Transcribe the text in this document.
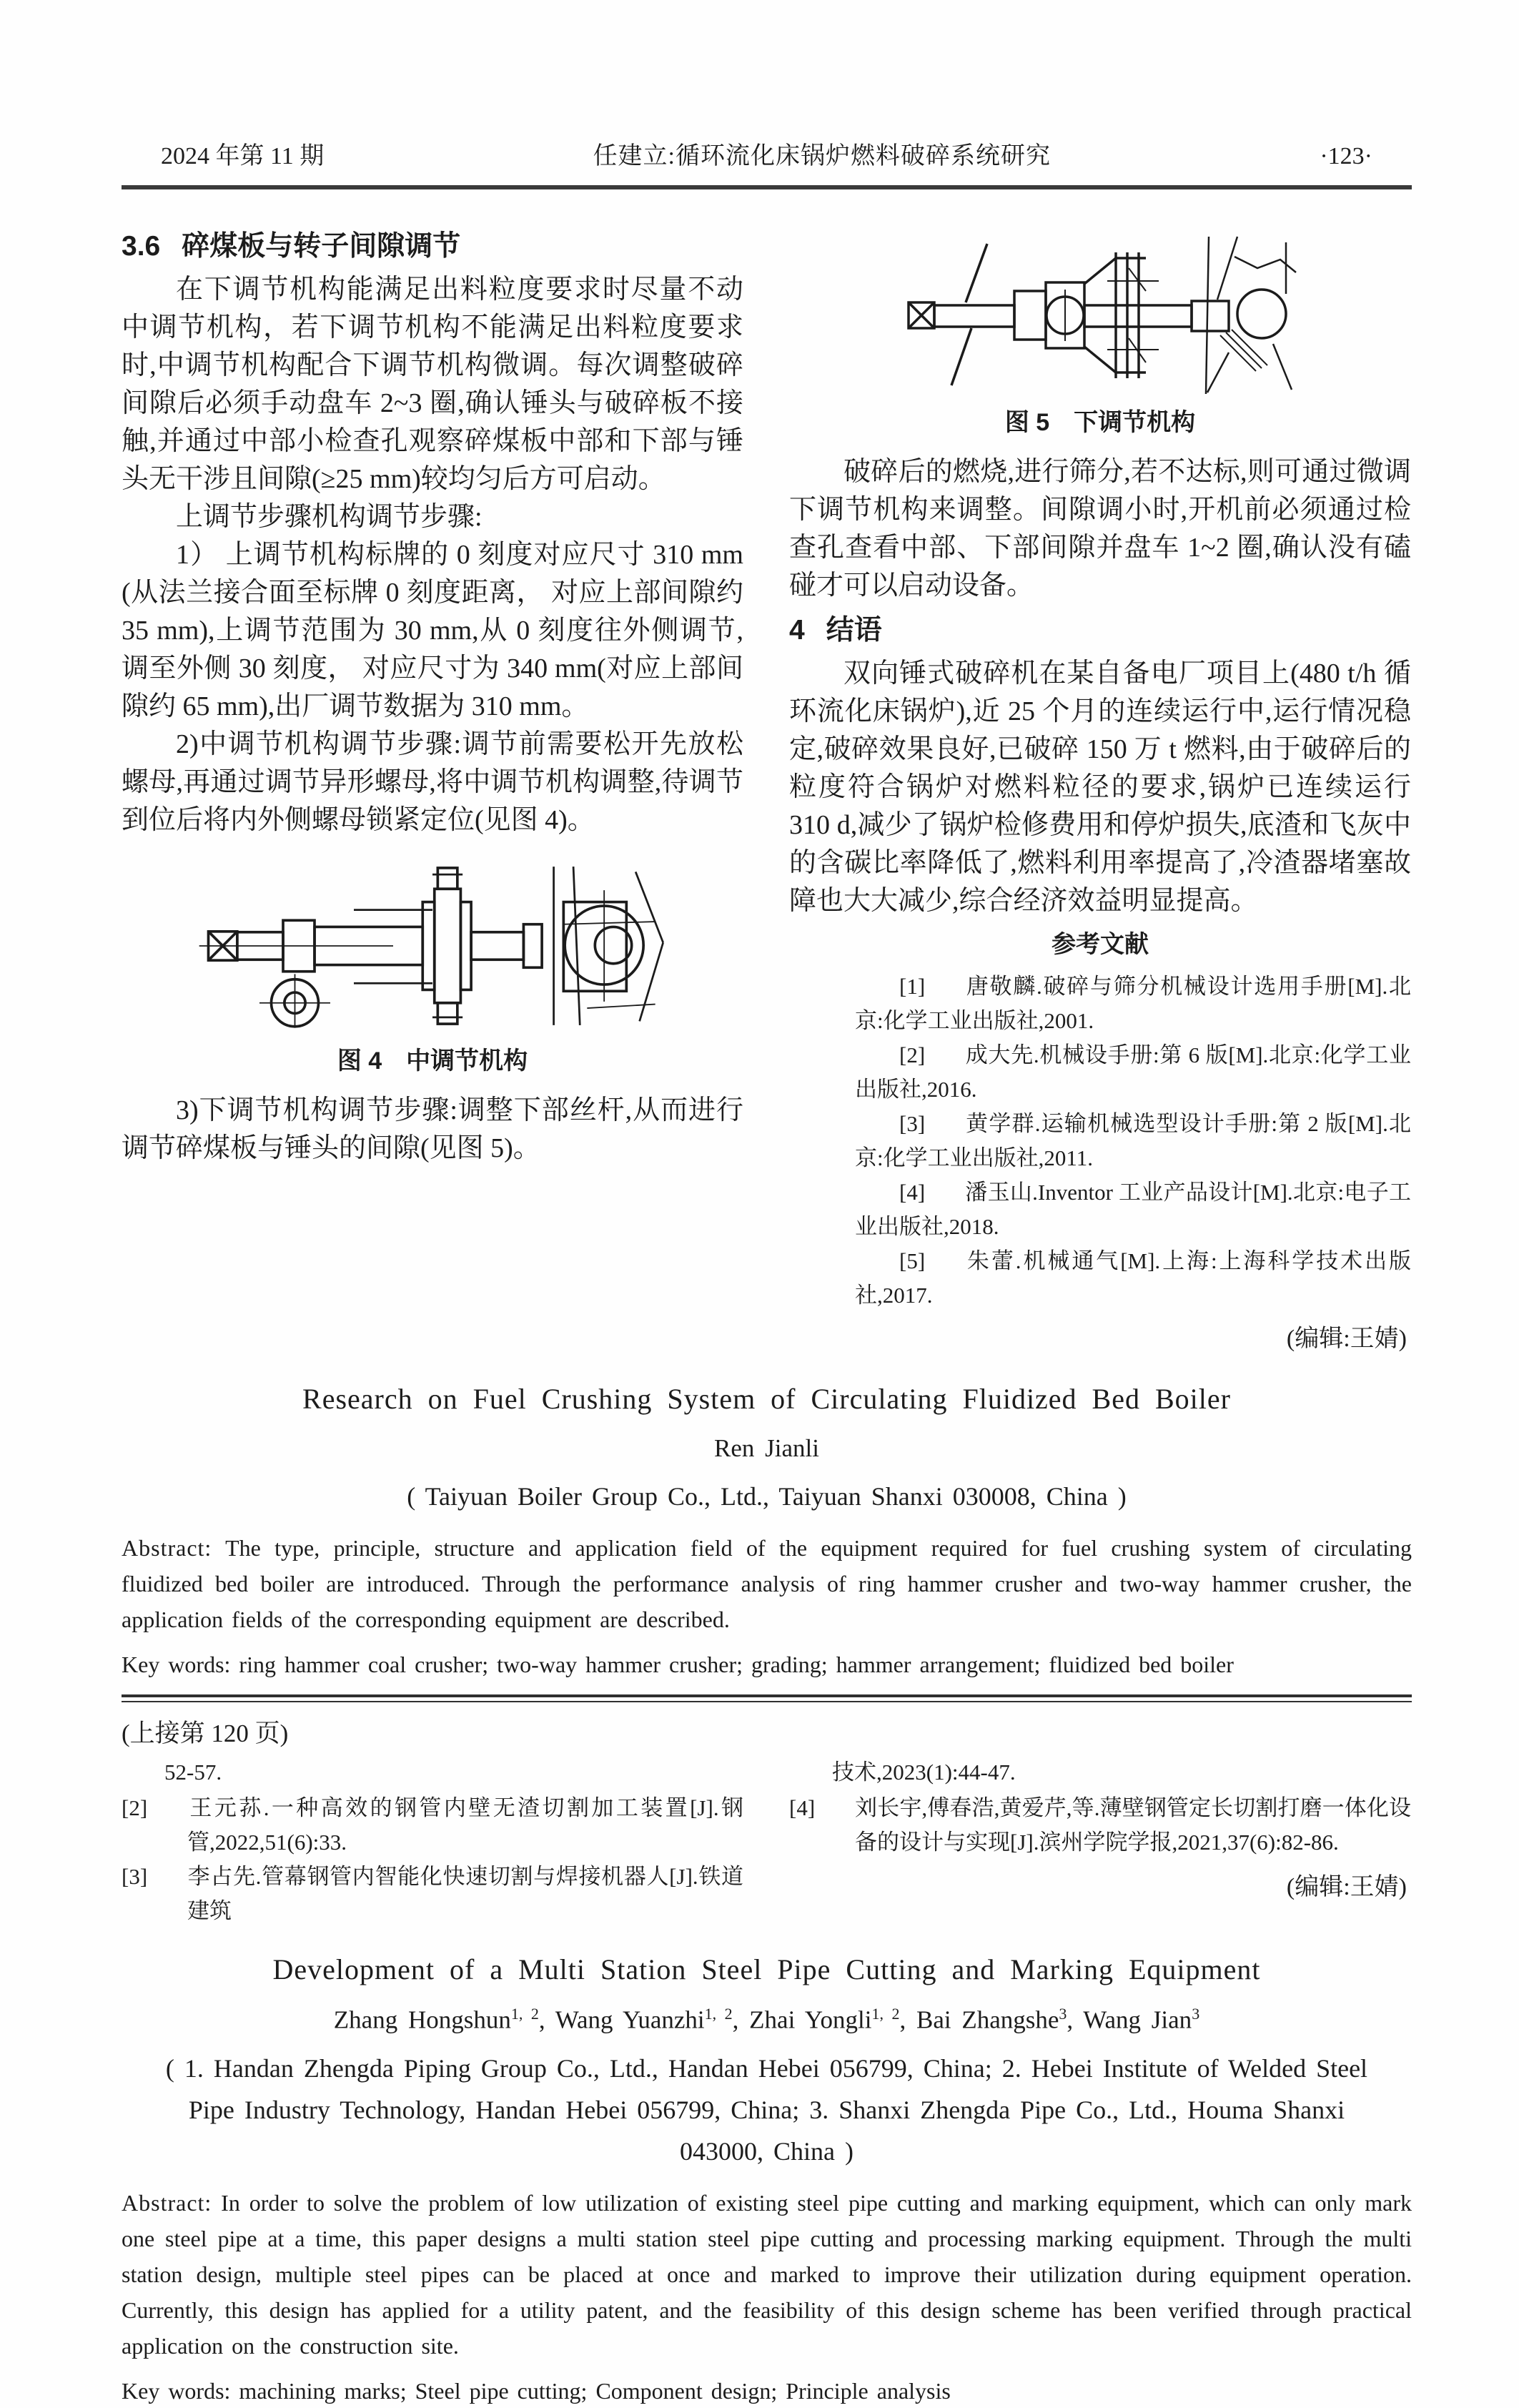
2024 年第 11 期	任建立:循环流化床锅炉燃料破碎系统研究	·123·
3.6 碎煤板与转子间隙调节

在下调节机构能满足出料粒度要求时尽量不动中调节机构，若下调节机构不能满足出料粒度要求时,中调节机构配合下调节机构微调。每次调整破碎间隙后必须手动盘车 2~3 圈,确认锤头与破碎板不接触,并通过中部小检查孔观察碎煤板中部和下部与锤头无干涉且间隙(≥25 mm)较均匀后方可启动。

上调节步骤机构调节步骤:

1） 上调节机构标牌的 0 刻度对应尺寸 310 mm (从法兰接合面至标牌 0 刻度距离， 对应上部间隙约 35 mm),上调节范围为 30 mm,从 0 刻度往外侧调节,调至外侧 30 刻度， 对应尺寸为 340 mm(对应上部间隙约 65 mm),出厂调节数据为 310 mm。

2)中调节机构调节步骤:调节前需要松开先放松螺母,再通过调节异形螺母,将中调节机构调整,待调节到位后将内外侧螺母锁紧定位(见图 4)。

图 4　中调节机构

3)下调节机构调节步骤:调整下部丝杆,从而进行调节碎煤板与锤头的间隙(见图 5)。

图 5　下调节机构

破碎后的燃烧,进行筛分,若不达标,则可通过微调下调节机构来调整。间隙调小时,开机前必须通过检查孔查看中部、下部间隙并盘车 1~2 圈,确认没有磕碰才可以启动设备。

4 结语

双向锤式破碎机在某自备电厂项目上(480 t/h 循环流化床锅炉),近 25 个月的连续运行中,运行情况稳定,破碎效果良好,已破碎 150 万 t 燃料,由于破碎后的粒度符合锅炉对燃料粒径的要求,锅炉已连续运行 310 d,减少了锅炉检修费用和停炉损失,底渣和飞灰中的含碳比率降低了,燃料利用率提高了,冷渣器堵塞故障也大大减少,综合经济效益明显提高。

参考文献

[1] 唐敬麟.破碎与筛分机械设计选用手册[M].北京:化学工业出版社,2001.

[2] 成大先.机械设手册:第 6 版[M].北京:化学工业出版社,2016.

[3] 黄学群.运输机械选型设计手册:第 2 版[M].北京:化学工业出版社,2011.

[4] 潘玉山.Inventor 工业产品设计[M].北京:电子工业出版社,2018.

[5] 朱蕾.机械通气[M].上海:上海科学技术出版社,2017.

(编辑:王婧)
Research on Fuel Crushing System of Circulating Fluidized Bed Boiler
Ren Jianli
( Taiyuan Boiler Group Co., Ltd., Taiyuan Shanxi 030008, China )

Abstract: The type, principle, structure and application field of the equipment required for fuel crushing system of circulating fluidized bed boiler are introduced. Through the performance analysis of ring hammer crusher and two-way hammer crusher, the application fields of the corresponding equipment are described.

Key words: ring hammer coal crusher; two-way hammer crusher; grading; hammer arrangement; fluidized bed boiler

(上接第 120 页)
52-57.

[2] 王元荪.一种高效的钢管内壁无渣切割加工装置[J].钢管,2022,51(6):33.

[3] 李占先.管幕钢管内智能化快速切割与焊接机器人[J].铁道建筑

技术,2023(1):44-47.

[4] 刘长宇,傅春浩,黄爱芹,等.薄壁钢管定长切割打磨一体化设备的设计与实现[J].滨州学院学报,2021,37(6):82-86.

(编辑:王婧)
Development of a Multi Station Steel Pipe Cutting and Marking Equipment
Zhang Hongshun$^{1, 2}$, Wang Yuanzhi$^{1, 2}$, Zhai Yongli$^{1, 2}$, Bai Zhangshe$^3$, Wang Jian$^3$
( 1. Handan Zhengda Piping Group Co., Ltd., Handan Hebei 056799, China; 2. Hebei Institute of Welded Steel Pipe Industry Technology, Handan Hebei 056799, China; 3. Shanxi Zhengda Pipe Co., Ltd., Houma Shanxi 043000, China )

Abstract: In order to solve the problem of low utilization of existing steel pipe cutting and marking equipment, which can only mark one steel pipe at a time, this paper designs a multi station steel pipe cutting and processing marking equipment. Through the multi station design, multiple steel pipes can be placed at once and marked to improve their utilization during equipment operation. Currently, this design has applied for a utility patent, and the feasibility of this design scheme has been verified through practical application on the construction site.

Key words: machining marks; Steel pipe cutting; Component design; Principle analysis
